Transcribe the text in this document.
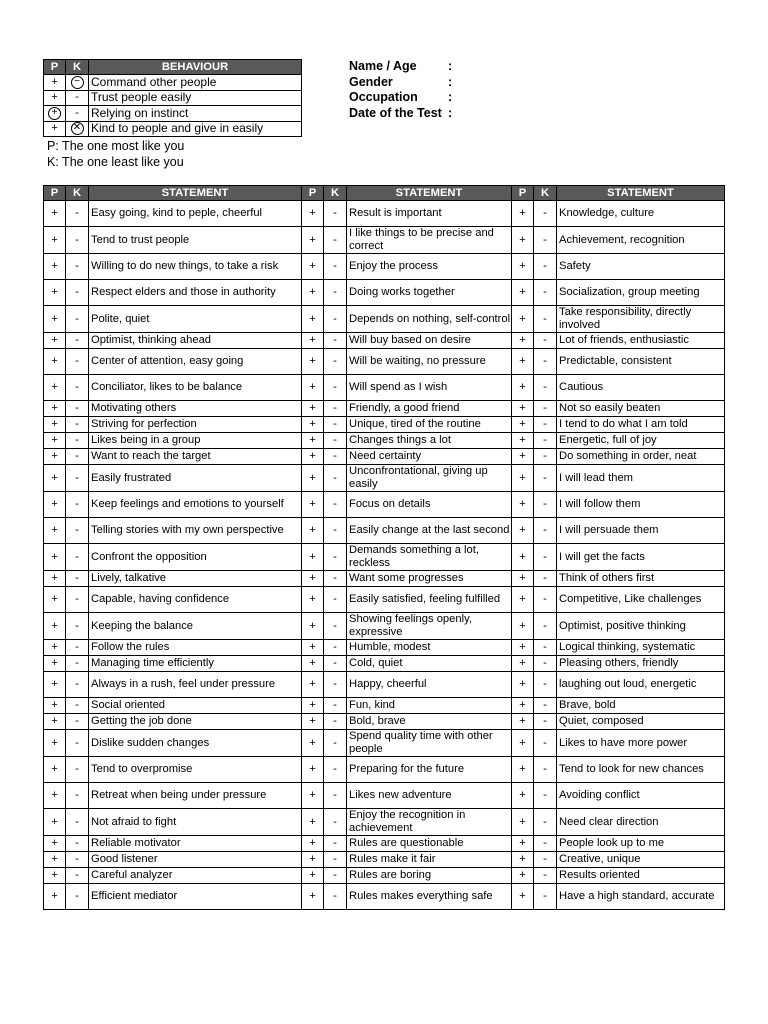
P	K	BEHAVIOUR
+	−	Command other people
+	-	Trust people easily
+	-	Relying on instinct
+	✕	Kind to people and give in easily
P: The one most like you
K: The one least like you
Name / Age	:
Gender	:
Occupation :
Date of the Test :
P	K	STATEMENT	P	K	STATEMENT	P	K	STATEMENT
+	-	Easy going, kind to peple, cheerful	+	-	Result is important	+	-	Knowledge, culture
+	-	Tend to trust people	+	-	I like things to be precise and correct	+	-	Achievement, recognition
+	-	Willing to do new things, to take a risk	+	-	Enjoy the process	+	-	Safety
+	-	Respect elders and those in authority	+	-	Doing works together	+	-	Socialization, group meeting
+	-	Polite, quiet	+	-	Depends on nothing, self-control	+	-	Take responsibility, directly involved
+	-	Optimist, thinking ahead	+	-	Will buy based on desire	+	-	Lot of friends, enthusiastic
+	-	Center of attention, easy going	+	-	Will be waiting, no pressure	+	-	Predictable, consistent
+	-	Conciliator, likes to be balance	+	-	Will spend as I wish	+	-	Cautious
+	-	Motivating others	+	-	Friendly, a good friend	+	-	Not so easily beaten
+	-	Striving for perfection	+	-	Unique, tired of the routine	+	-	I tend to do what I am told
+	-	Likes being in a group	+	-	Changes things a lot	+	-	Energetic, full of joy
+	-	Want to reach the target	+	-	Need certainty	+	-	Do something in order, neat
+	-	Easily frustrated	+	-	Unconfrontational, giving up easily	+	-	I will lead them
+	-	Keep feelings and emotions to yourself	+	-	Focus on details	+	-	I will follow them
+	-	Telling stories with my own perspective	+	-	Easily change at the last second	+	-	I will persuade them
+	-	Confront the opposition	+	-	Demands something a lot, reckless	+	-	I will get the facts
+	-	Lively, talkative	+	-	Want some progresses	+	-	Think of others first
+	-	Capable, having confidence	+	-	Easily satisfied, feeling fulfilled	+	-	Competitive, Like challenges
+	-	Keeping the balance	+	-	Showing feelings openly, expressive	+	-	Optimist, positive thinking
+	-	Follow the rules	+	-	Humble, modest	+	-	Logical thinking, systematic
+	-	Managing time efficiently	+	-	Cold, quiet	+	-	Pleasing others, friendly
+	-	Always in a rush, feel under pressure	+	-	Happy, cheerful	+	-	laughing out loud, energetic
+	-	Social oriented	+	-	Fun, kind	+	-	Brave, bold
+	-	Getting the job done	+	-	Bold, brave	+	-	Quiet, composed
+	-	Dislike sudden changes	+	-	Spend quality time with other people	+	-	Likes to have more power
+	-	Tend to overpromise	+	-	Preparing for the future	+	-	Tend to look for new chances
+	-	Retreat when being under pressure	+	-	Likes new adventure	+	-	Avoiding conflict
+	-	Not afraid to fight	+	-	Enjoy the recognition in achievement	+	-	Need clear direction
+	-	Reliable motivator	+	-	Rules are questionable	+	-	People look up to me
+	-	Good listener	+	-	Rules make it fair	+	-	Creative, unique
+	-	Careful analyzer	+	-	Rules are boring	+	-	Results oriented
+	-	Efficient mediator	+	-	Rules makes everything safe	+	-	Have a high standard, accurate
